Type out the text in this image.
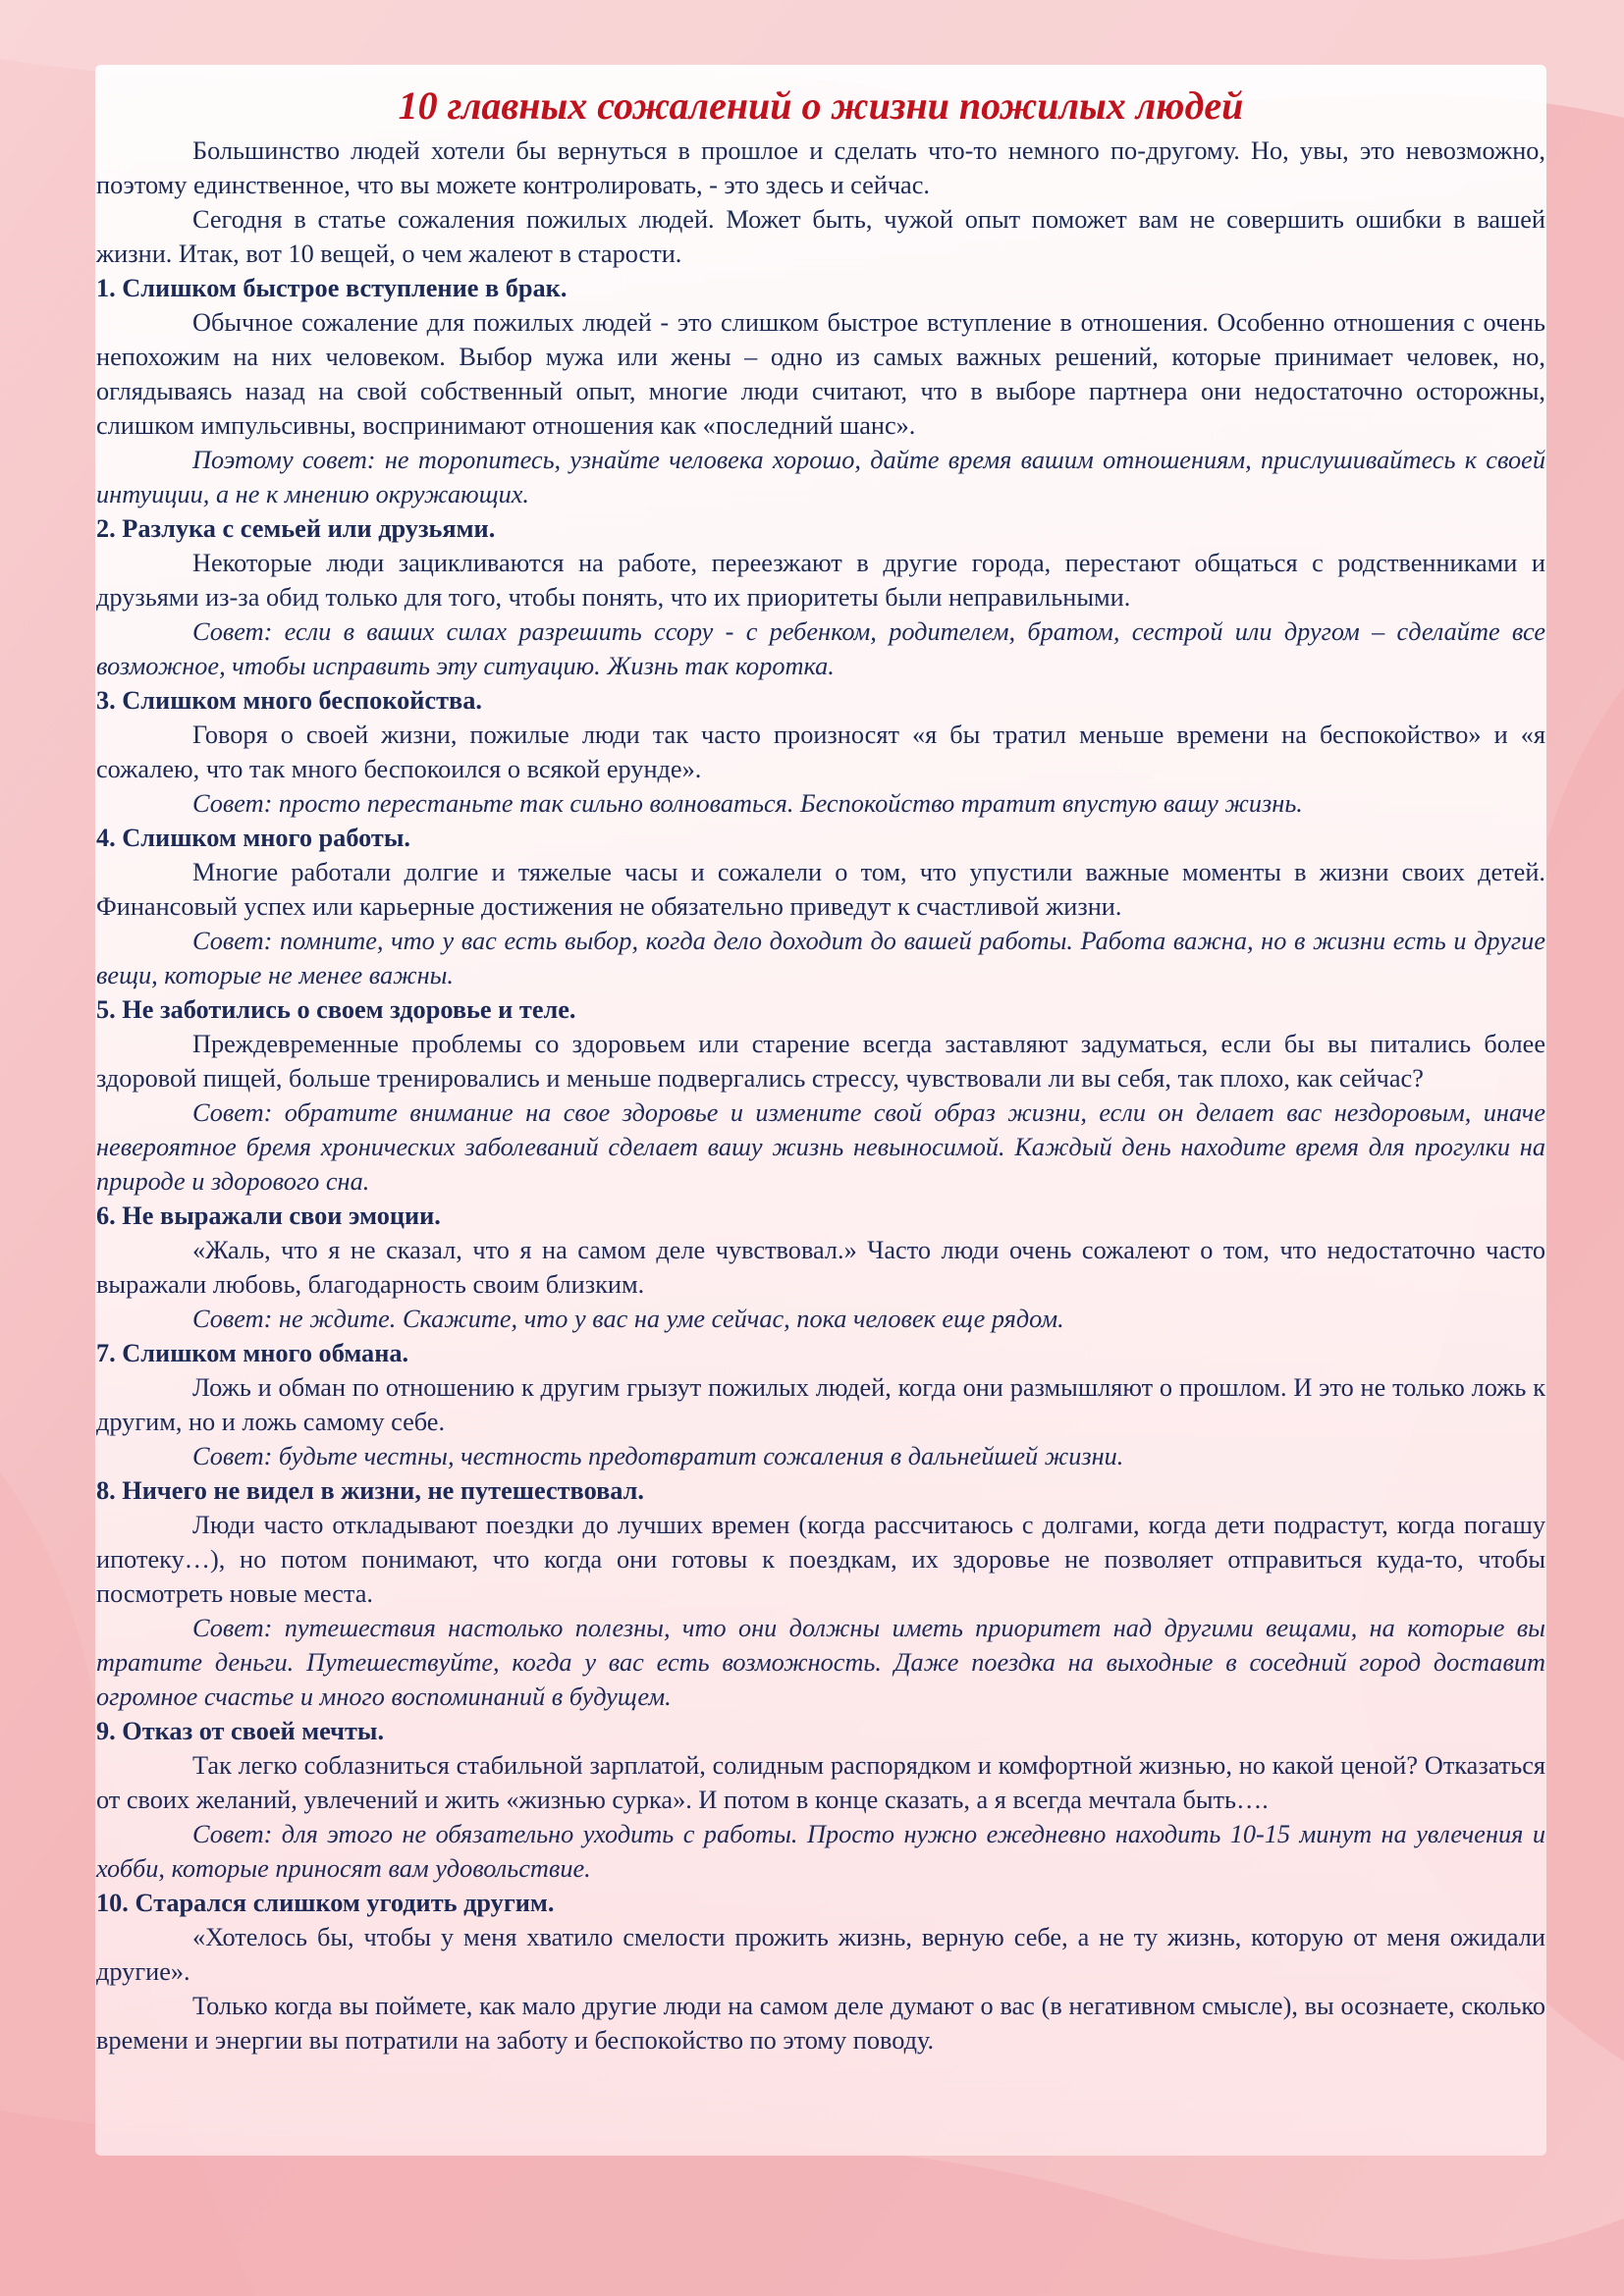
10 главных сожалений о жизни пожилых людей

Большинство людей хотели бы вернуться в прошлое и сделать что-то немного по-другому. Но, увы, это невозможно, поэтому единственное, что вы можете контролировать, - это здесь и сейчас.

Сегодня в статье сожаления пожилых людей. Может быть, чужой опыт поможет вам не совершить ошибки в вашей жизни. Итак, вот 10 вещей, о чем жалеют в старости.

1. Слишком быстрое вступление в брак.

Обычное сожаление для пожилых людей - это слишком быстрое вступление в отношения. Особенно отношения с очень непохожим на них человеком. Выбор мужа или жены – одно из самых важных решений, которые принимает человек, но, оглядываясь назад на свой собственный опыт, многие люди считают, что в выборе партнера они недостаточно осторожны, слишком импульсивны, воспринимают отношения как «последний шанс».

Поэтому совет: не торопитесь, узнайте человека хорошо, дайте время вашим отношениям, прислушивайтесь к своей интуиции, а не к мнению окружающих.

2. Разлука с семьей или друзьями.

Некоторые люди зацикливаются на работе, переезжают в другие города, перестают общаться с родственниками и друзьями из-за обид только для того, чтобы понять, что их приоритеты были неправильными.

Совет: если в ваших силах разрешить ссору - с ребенком, родителем, братом, сестрой или другом – сделайте все возможное, чтобы исправить эту ситуацию. Жизнь так коротка.

3. Слишком много беспокойства.

Говоря о своей жизни, пожилые люди так часто произносят «я бы тратил меньше времени на беспокойство» и «я сожалею, что так много беспокоился о всякой ерунде».

Совет: просто перестаньте так сильно волноваться. Беспокойство тратит впустую вашу жизнь.

4. Слишком много работы.

Многие работали долгие и тяжелые часы и сожалели о том, что упустили важные моменты в жизни своих детей. Финансовый успех или карьерные достижения не обязательно приведут к счастливой жизни.

Совет: помните, что у вас есть выбор, когда дело доходит до вашей работы. Работа важна, но в жизни есть и другие вещи, которые не менее важны.

5. Не заботились о своем здоровье и теле.

Преждевременные проблемы со здоровьем или старение всегда заставляют задуматься, если бы вы питались более здоровой пищей, больше тренировались и меньше подвергались стрессу, чувствовали ли вы себя, так плохо, как сейчас?

Совет: обратите внимание на свое здоровье и измените свой образ жизни, если он делает вас нездоровым, иначе невероятное бремя хронических заболеваний сделает вашу жизнь невыносимой. Каждый день находите время для прогулки на природе и здорового сна.

6. Не выражали свои эмоции.

«Жаль, что я не сказал, что я на самом деле чувствовал.» Часто люди очень сожалеют о том, что недостаточно часто выражали любовь, благодарность своим близким.

Совет: не ждите. Скажите, что у вас на уме сейчас, пока человек еще рядом.

7. Слишком много обмана.

Ложь и обман по отношению к другим грызут пожилых людей, когда они размышляют о прошлом. И это не только ложь к другим, но и ложь самому себе.

Совет: будьте честны, честность предотвратит сожаления в дальнейшей жизни.

8. Ничего не видел в жизни, не путешествовал.

Люди часто откладывают поездки до лучших времен (когда рассчитаюсь с долгами, когда дети подрастут, когда погашу ипотеку…), но потом понимают, что когда они готовы к поездкам, их здоровье не позволяет отправиться куда-то, чтобы посмотреть новые места.

Совет: путешествия настолько полезны, что они должны иметь приоритет над другими вещами, на которые вы тратите деньги. Путешествуйте, когда у вас есть возможность. Даже поездка на выходные в соседний город доставит огромное счастье и много воспоминаний в будущем.

9. Отказ от своей мечты.

Так легко соблазниться стабильной зарплатой, солидным распорядком и комфортной жизнью, но какой ценой? Отказаться от своих желаний, увлечений и жить «жизнью сурка». И потом в конце сказать, а я всегда мечтала быть….

Совет: для этого не обязательно уходить с работы. Просто нужно ежедневно находить 10-15 минут на увлечения и хобби, которые приносят вам удовольствие.

10. Старался слишком угодить другим.

«Хотелось бы, чтобы у меня хватило смелости прожить жизнь, верную себе, а не ту жизнь, которую от меня ожидали другие».

Только когда вы поймете, как мало другие люди на самом деле думают о вас (в негативном смысле), вы осознаете, сколько времени и энергии вы потратили на заботу и беспокойство по этому поводу.
